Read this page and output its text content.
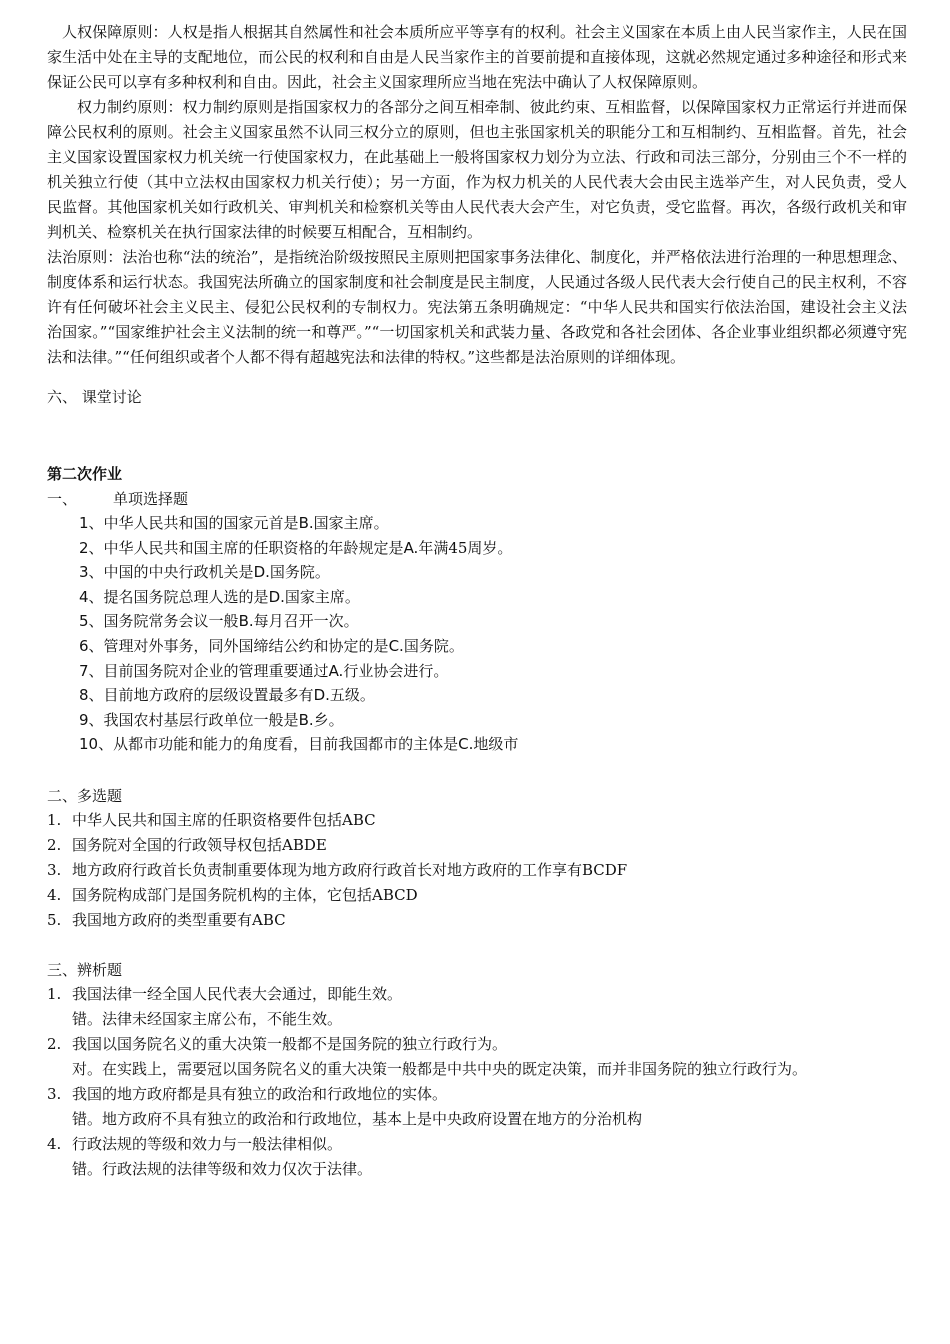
人权保障原则：人权是指人根据其自然属性和社会本质所应平等享有的权利。社会主义国家在本质上由人民当家作主，人民在国家生活中处在主导的支配地位，而公民的权利和自由是人民当家作主的首要前提和直接体现，这就必然规定通过多种途径和形式来保证公民可以享有多种权利和自由。因此，社会主义国家理所应当地在宪法中确认了人权保障原则。

权力制约原则：权力制约原则是指国家权力的各部分之间互相牵制、彼此约束、互相监督，以保障国家权力正常运行并进而保障公民权利的原则。社会主义国家虽然不认同三权分立的原则，但也主张国家机关的职能分工和互相制约、互相监督。首先，社会主义国家设置国家权力机关统一行使国家权力，在此基础上一般将国家权力划分为立法、行政和司法三部分，分别由三个不一样的机关独立行使（其中立法权由国家权力机关行使）；另一方面，作为权力机关的人民代表大会由民主选举产生，对人民负责，受人民监督。其他国家机关如行政机关、审判机关和检察机关等由人民代表大会产生，对它负责，受它监督。再次，各级行政机关和审判机关、检察机关在执行国家法律的时候要互相配合，互相制约。

法治原则：法治也称“法的统治”，是指统治阶级按照民主原则把国家事务法律化、制度化，并严格依法进行治理的一种思想理念、制度体系和运行状态。我国宪法所确立的国家制度和社会制度是民主制度，人民通过各级人民代表大会行使自己的民主权利，不容许有任何破坏社会主义民主、侵犯公民权利的专制权力。宪法第五条明确规定：“中华人民共和国实行依法治国，建设社会主义法治国家。”“国家维护社会主义法制的统一和尊严。”“一切国家机关和武装力量、各政党和各社会团体、各企业事业组织都必须遵守宪法和法律。”“任何组织或者个人都不得有超越宪法和法律的特权。”这些都是法治原则的详细体现。

六、 课堂讨论
第二次作业
一、 单项选择题
1、中华人民共和国的国家元首是B.国家主席。
2、中华人民共和国主席的任职资格的年龄规定是A.年满45周岁。
3、中国的中央行政机关是D.国务院。
4、提名国务院总理人选的是D.国家主席。
5、国务院常务会议一般B.每月召开一次。
6、管理对外事务，同外国缔结公约和协定的是C.国务院。
7、目前国务院对企业的管理重要通过A.行业协会进行。
8、目前地方政府的层级设置最多有D.五级。
9、我国农村基层行政单位一般是B.乡。
10、从都市功能和能力的角度看，目前我国都市的主体是C.地级市
二、多选题
1. 中华人民共和国主席的任职资格要件包括ABC
2. 国务院对全国的行政领导权包括ABDE
3. 地方政府行政首长负责制重要体现为地方政府行政首长对地方政府的工作享有BCDF
4. 国务院构成部门是国务院机构的主体，它包括ABCD
5. 我国地方政府的类型重要有ABC
三、辨析题
1. 我国法律一经全国人民代表大会通过，即能生效。
错。法律未经国家主席公布，不能生效。
2. 我国以国务院名义的重大决策一般都不是国务院的独立行政行为。
对。在实践上，需要冠以国务院名义的重大决策一般都是中共中央的既定决策，而并非国务院的独立行政行为。
3. 我国的地方政府都是具有独立的政治和行政地位的实体。
错。地方政府不具有独立的政治和行政地位，基本上是中央政府设置在地方的分治机构
4. 行政法规的等级和效力与一般法律相似。
错。行政法规的法律等级和效力仅次于法律。
